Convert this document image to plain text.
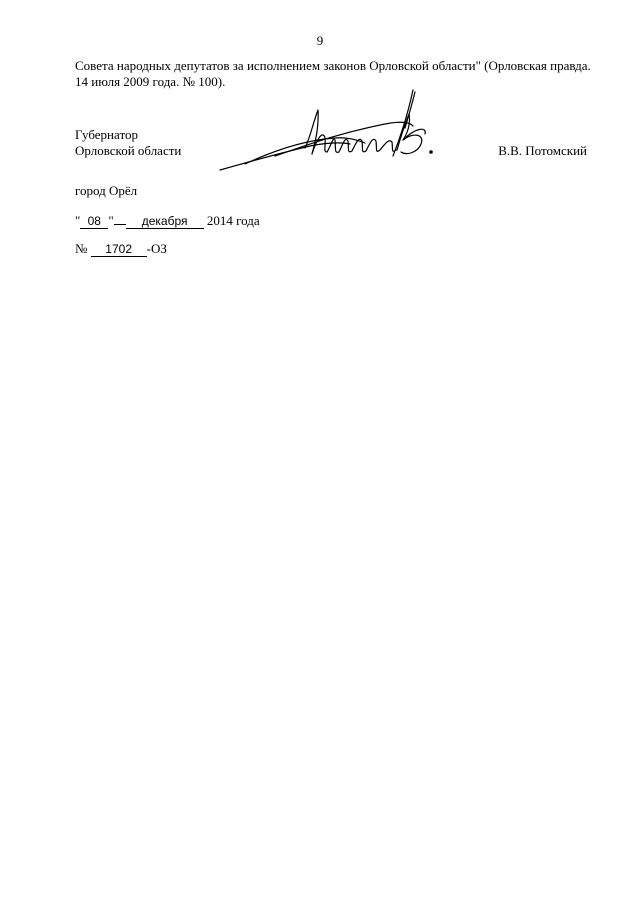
9
Совета народных депутатов за исполнением законов Орловской области" (Орловская правда.
14 июля 2009 года. № 100).
Губернатор
Орловской области	В.В. Потомский
город Орёл
" 08 " декабря 2014 года
№ 1702 -ОЗ
